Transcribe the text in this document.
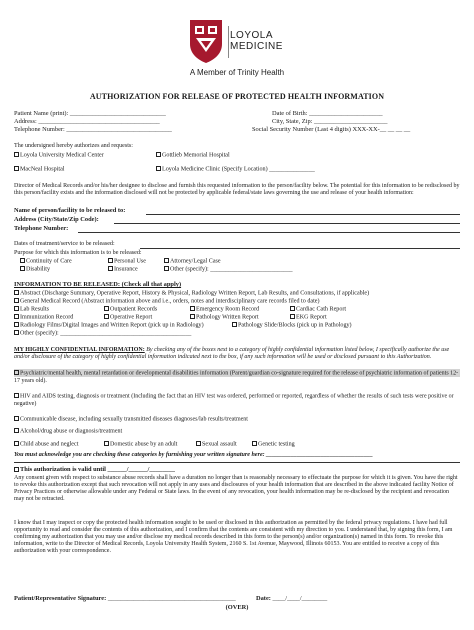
LOYOLA
MEDICINE
A Member of Trinity Health
AUTHORIZATION FOR RELEASE OF PROTECTED HEALTH INFORMATION
Patient Name (print): ______________________________	Date of Birth: _______________________
Address: ______________________________________	City, State, Zip: _______________________
Telephone Number: _________________________________	Social Security Number (Last 4 digits) XXX-XX-__ __ __ __
The undersigned hereby authorizes and requests:
Loyola University Medical Center	Gottlieb Memorial Hospital
MacNeal Hospital	Loyola Medicine Clinic (Specify Location) _______________
Director of Medical Records and/or his/her designee to disclose and furnish this requested information to the person/facility below. The potential for this information to be redisclosed by this person/facility exists and the information disclosed will not be protected by applicable federal/state laws governing the use and release of your health information:
Name of person/facility to be released to:
Address (City/State/Zip Code):
Telephone Number:
Dates of treatment/service to be released:
Purpose for which this information is to be released:
Continuity of Care	Personal Use	Attorney/Legal Case
Disability	Insurance	Other (specify): ___________________________
INFORMATION TO BE RELEASED: (Check all that apply)
Abstract (Discharge Summary, Operative Report, History & Physical, Radiology Written Report, Lab Results, and Consultations, if applicable)
General Medical Record (Abstract information above and i.e., orders, notes and interdisciplinary care records filed to date)
Lab Results	Outpatient Records	Emergency Room Record	Cardiac Cath Report
Immunization Record	Operative Report	Pathology Written Report	EKG Report
Radiology Films/Digital Images and Written Report (pick up in Radiology)	Pathology Slide/Blocks (pick up in Pathology)
Other (specify): ___________________________________________
MY HIGHLY CONFIDENTIAL INFORMATION: By checking any of the boxes next to a category of highly confidential information listed below, I specifically authorize the use and/or disclosure of the category of highly confidential information indicated next to the box, if any such information will be used or disclosed pursuant to this Authorization.
Psychiatric/mental health, mental retardation or developmental disabilities information (Parent/guardian co-signature required for the release of psychiatric information of patients 12-17 years old).
HIV and AIDS testing, diagnosis or treatment (Including the fact that an HIV test was ordered, performed or reported, regardless of whether the results of such tests were positive or negative)
Communicable disease, including sexually transmitted diseases diagnoses/lab results/treatment
Alcohol/drug abuse or diagnosis/treatment
Child abuse and neglect	Domestic abuse by an adult	Sexual assault	Genetic testing
You must acknowledge you are checking these categories by furnishing your written signature here: ___________________________________
This authorization is valid until ______/______/________
Any consent given with respect to substance abuse records shall have a duration no longer than is reasonably necessary to effectuate the purpose for which it is given. You have the right to revoke this authorization except that such revocation will not apply in any uses and disclosures of your health information that are described in the above indicated facility Notice of Privacy Practices or otherwise allowable under any Federal or State laws. In the event of any revocation, your health information may be re-disclosed by the recipient and revocation may not be retracted.
I know that I may inspect or copy the protected health information sought to be used or disclosed in this authorization as permitted by the federal privacy regulations. I have had full opportunity to read and consider the contents of this authorization, and I confirm that the contents are consistent with my direction to you. I understand that, by signing this form, I am confirming my authorization that you may use and/or disclose my medical records described in this form to the person(s) and/or organization(s) named in this form. To revoke this information, write to the Director of Medical Records, Loyola University Health System, 2160 S. 1st Avenue, Maywood, Illinois 60153. You are entitled to receive a copy of this authorization with your correspondence.
Patient/Representative Signature: ________________________________________	Date: ____/____/________
(OVER)
